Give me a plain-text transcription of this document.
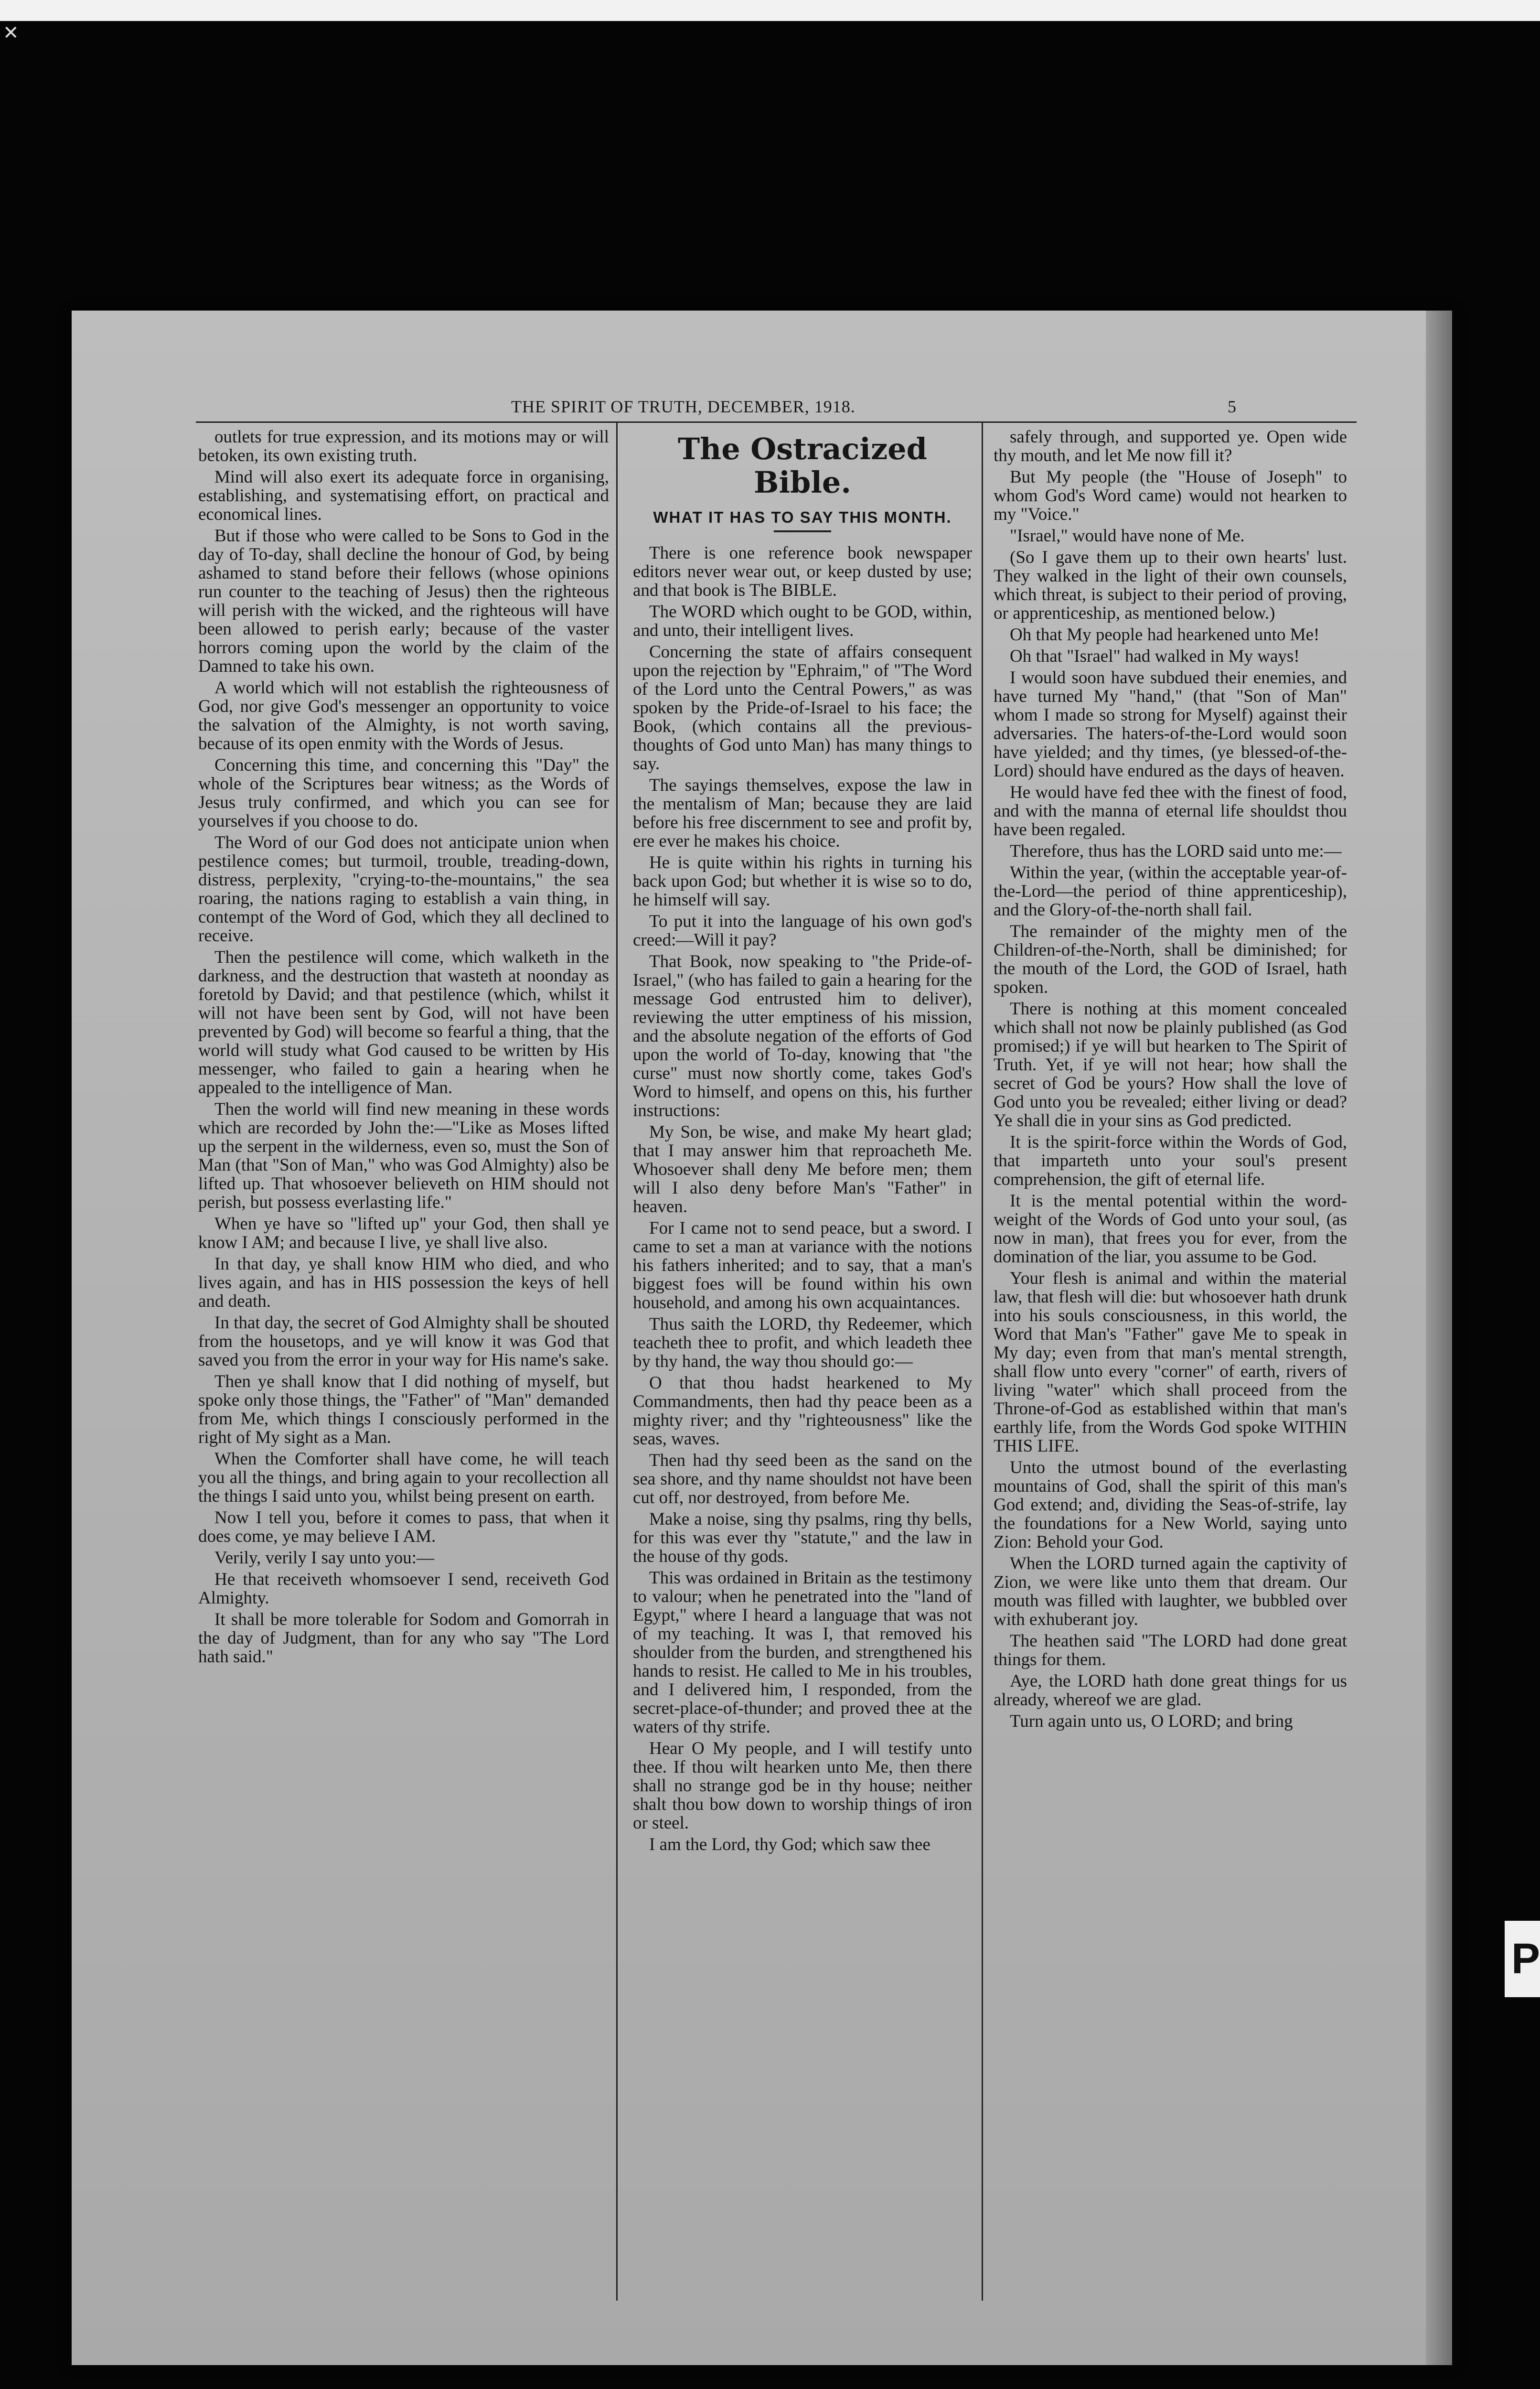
✕
THE SPIRIT OF TRUTH, DECEMBER, 1918.	5

outlets for true expression, and its motions may or will betoken, its own existing truth.

Mind will also exert its adequate force in organising, establishing, and systematising effort, on practical and economical lines.

But if those who were called to be Sons to God in the day of To-day, shall decline the honour of God, by being ashamed to stand before their fellows (whose opinions run counter to the teaching of Jesus) then the righteous will perish with the wicked, and the righteous will have been allowed to perish early; because of the vaster horrors coming upon the world by the claim of the Damned to take his own.

A world which will not establish the righteousness of God, nor give God's messenger an opportunity to voice the salvation of the Almighty, is not worth saving, because of its open enmity with the Words of Jesus.

Concerning this time, and concerning this "Day" the whole of the Scriptures bear witness; as the Words of Jesus truly confirmed, and which you can see for yourselves if you choose to do.

The Word of our God does not anticipate union when pestilence comes; but turmoil, trouble, treading-down, distress, perplexity, "crying-to-the-mountains," the sea roaring, the nations raging to establish a vain thing, in contempt of the Word of God, which they all declined to receive.

Then the pestilence will come, which walketh in the darkness, and the destruction that wasteth at noonday as foretold by David; and that pestilence (which, whilst it will not have been sent by God, will not have been prevented by God) will become so fearful a thing, that the world will study what God caused to be written by His messenger, who failed to gain a hearing when he appealed to the intelligence of Man.

Then the world will find new meaning in these words which are recorded by John the:—"Like as Moses lifted up the serpent in the wilderness, even so, must the Son of Man (that "Son of Man," who was God Almighty) also be lifted up. That whosoever believeth on HIM should not perish, but possess everlasting life."

When ye have so "lifted up" your God, then shall ye know I AM; and because I live, ye shall live also.

In that day, ye shall know HIM who died, and who lives again, and has in HIS possession the keys of hell and death.

In that day, the secret of God Almighty shall be shouted from the housetops, and ye will know it was God that saved you from the error in your way for His name's sake.

Then ye shall know that I did nothing of myself, but spoke only those things, the "Father" of "Man" demanded from Me, which things I consciously performed in the right of My sight as a Man.

When the Comforter shall have come, he will teach you all the things, and bring again to your recollection all the things I said unto you, whilst being present on earth.

Now I tell you, before it comes to pass, that when it does come, ye may believe I AM.

Verily, verily I say unto you:—

He that receiveth whomsoever I send, receiveth God Almighty.

It shall be more tolerable for Sodom and Gomorrah in the day of Judgment, than for any who say "The Lord hath said."

The Ostracized Bible.
WHAT IT HAS TO SAY THIS MONTH.

There is one reference book newspaper editors never wear out, or keep dusted by use; and that book is The BIBLE.

The WORD which ought to be GOD, within, and unto, their intelligent lives.

Concerning the state of affairs consequent upon the rejection by "Ephraim," of "The Word of the Lord unto the Central Powers," as was spoken by the Pride-of-Israel to his face; the Book, (which contains all the previous-thoughts of God unto Man) has many things to say.

The sayings themselves, expose the law in the mentalism of Man; because they are laid before his free discernment to see and profit by, ere ever he makes his choice.

He is quite within his rights in turning his back upon God; but whether it is wise so to do, he himself will say.

To put it into the language of his own god's creed:—Will it pay?

That Book, now speaking to "the Pride-of-Israel," (who has failed to gain a hearing for the message God entrusted him to deliver), reviewing the utter emptiness of his mission, and the absolute negation of the efforts of God upon the world of To-day, knowing that "the curse" must now shortly come, takes God's Word to himself, and opens on this, his further instructions:

My Son, be wise, and make My heart glad; that I may answer him that reproacheth Me. Whosoever shall deny Me before men; them will I also deny before Man's "Father" in heaven.

For I came not to send peace, but a sword. I came to set a man at variance with the notions his fathers inherited; and to say, that a man's biggest foes will be found within his own household, and among his own acquaintances.

Thus saith the LORD, thy Redeemer, which teacheth thee to profit, and which leadeth thee by thy hand, the way thou should go:—

O that thou hadst hearkened to My Commandments, then had thy peace been as a mighty river; and thy "righteousness" like the seas, waves.

Then had thy seed been as the sand on the sea shore, and thy name shouldst not have been cut off, nor destroyed, from before Me.

Make a noise, sing thy psalms, ring thy bells, for this was ever thy "statute," and the law in the house of thy gods.

This was ordained in Britain as the testimony to valour; when he penetrated into the "land of Egypt," where I heard a language that was not of my teaching. It was I, that removed his shoulder from the burden, and strengthened his hands to resist. He called to Me in his troubles, and I delivered him, I responded, from the secret-place-of-thunder; and proved thee at the waters of thy strife.

Hear O My people, and I will testify unto thee. If thou wilt hearken unto Me, then there shall no strange god be in thy house; neither shalt thou bow down to worship things of iron or steel.

I am the Lord, thy God; which saw thee

safely through, and supported ye. Open wide thy mouth, and let Me now fill it?

But My people (the "House of Joseph" to whom God's Word came) would not hearken to my "Voice."

"Israel," would have none of Me.

(So I gave them up to their own hearts' lust. They walked in the light of their own counsels, which threat, is subject to their period of proving, or apprenticeship, as mentioned below.)

Oh that My people had hearkened unto Me!

Oh that "Israel" had walked in My ways!

I would soon have subdued their enemies, and have turned My "hand," (that "Son of Man" whom I made so strong for Myself) against their adversaries. The haters-of-the-Lord would soon have yielded; and thy times, (ye blessed-of-the-Lord) should have endured as the days of heaven.

He would have fed thee with the finest of food, and with the manna of eternal life shouldst thou have been regaled.

Therefore, thus has the LORD said unto me:—

Within the year, (within the acceptable year-of-the-Lord—the period of thine apprenticeship), and the Glory-of-the-north shall fail.

The remainder of the mighty men of the Children-of-the-North, shall be diminished; for the mouth of the Lord, the GOD of Israel, hath spoken.

There is nothing at this moment concealed which shall not now be plainly published (as God promised;) if ye will but hearken to The Spirit of Truth. Yet, if ye will not hear; how shall the secret of God be yours? How shall the love of God unto you be revealed; either living or dead? Ye shall die in your sins as God predicted.

It is the spirit-force within the Words of God, that imparteth unto your soul's present comprehension, the gift of eternal life.

It is the mental potential within the word-weight of the Words of God unto your soul, (as now in man), that frees you for ever, from the domination of the liar, you assume to be God.

Your flesh is animal and within the material law, that flesh will die: but whosoever hath drunk into his souls consciousness, in this world, the Word that Man's "Father" gave Me to speak in My day; even from that man's mental strength, shall flow unto every "corner" of earth, rivers of living "water" which shall proceed from the Throne-of-God as established within that man's earthly life, from the Words God spoke WITHIN THIS LIFE.

Unto the utmost bound of the everlasting mountains of God, shall the spirit of this man's God extend; and, dividing the Seas-of-strife, lay the foundations for a New World, saying unto Zion: Behold your God.

When the LORD turned again the captivity of Zion, we were like unto them that dream. Our mouth was filled with laughter, we bubbled over with exhuberant joy.

The heathen said "The LORD had done great things for them.

Aye, the LORD hath done great things for us already, whereof we are glad.

Turn again unto us, O LORD; and bring

P
